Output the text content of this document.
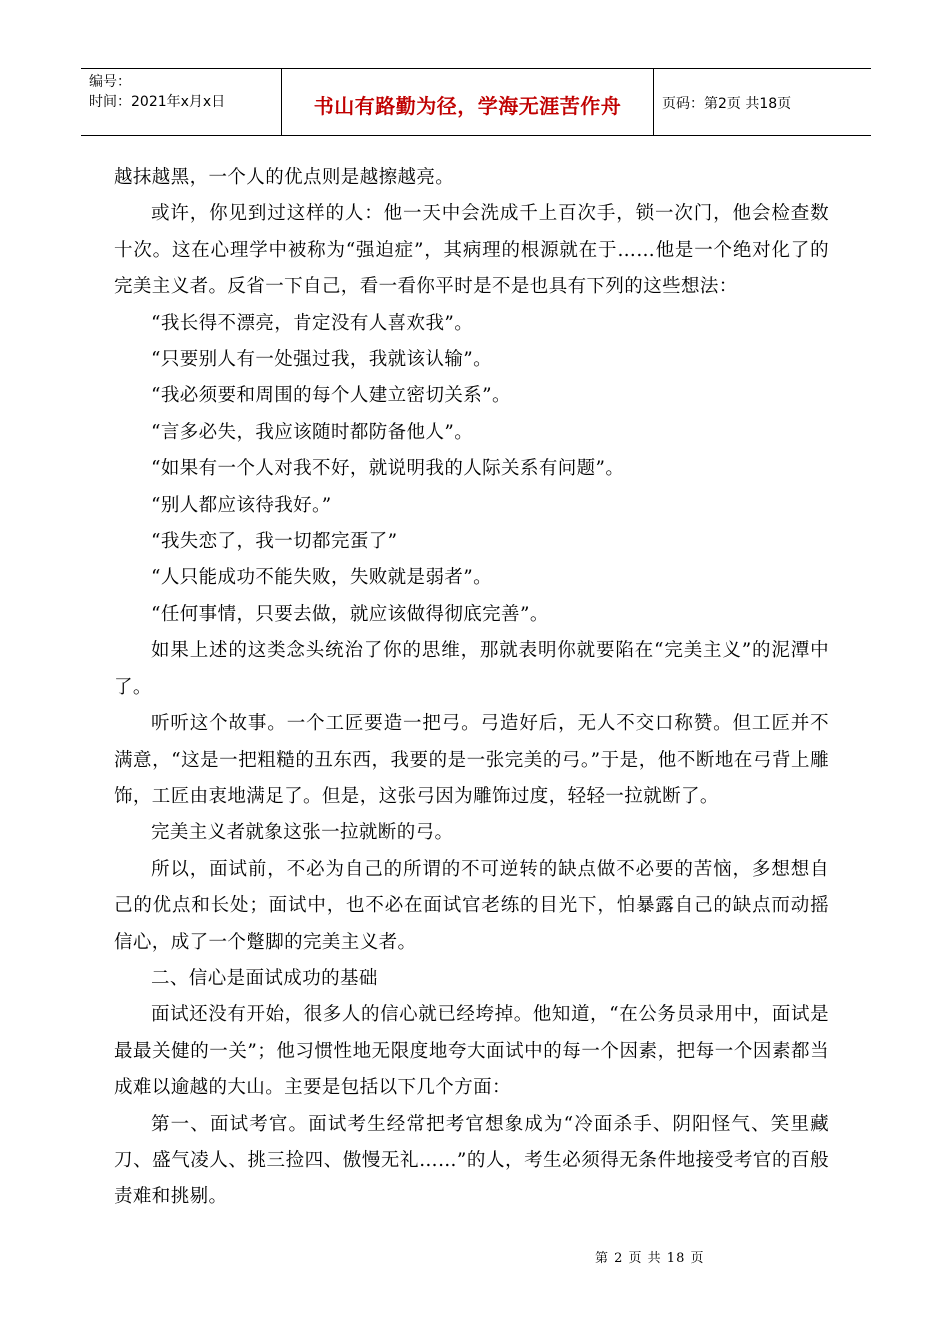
编号：
时间：2021年x月x日	书山有路勤为径，学海无涯苦作舟	页码：第2页 共18页

越抹越黑，一个人的优点则是越擦越亮。

或许，你见到过这样的人：他一天中会洗成千上百次手，锁一次门，他会检查数十次。这在心理学中被称为“强迫症”，其病理的根源就在于……他是一个绝对化了的完美主义者。反省一下自己，看一看你平时是不是也具有下列的这些想法：

“我长得不漂亮，肯定没有人喜欢我”。

“只要别人有一处强过我，我就该认输”。

“我必须要和周围的每个人建立密切关系”。

“言多必失，我应该随时都防备他人”。

“如果有一个人对我不好，就说明我的人际关系有问题”。

“别人都应该待我好。”

“我失恋了，我一切都完蛋了”

“人只能成功不能失败，失败就是弱者”。

“任何事情，只要去做，就应该做得彻底完善”。

如果上述的这类念头统治了你的思维，那就表明你就要陷在“完美主义”的泥潭中了。

听听这个故事。一个工匠要造一把弓。弓造好后，无人不交口称赞。但工匠并不满意，“这是一把粗糙的丑东西，我要的是一张完美的弓。”于是，他不断地在弓背上雕饰，工匠由衷地满足了。但是，这张弓因为雕饰过度，轻轻一拉就断了。

完美主义者就象这张一拉就断的弓。

所以，面试前，不必为自己的所谓的不可逆转的缺点做不必要的苦恼，多想想自己的优点和长处；面试中，也不必在面试官老练的目光下，怕暴露自己的缺点而动摇信心，成了一个蹩脚的完美主义者。

二、信心是面试成功的基础

面试还没有开始，很多人的信心就已经垮掉。他知道，“在公务员录用中，面试是最最关健的一关”；他习惯性地无限度地夸大面试中的每一个因素，把每一个因素都当成难以逾越的大山。主要是包括以下几个方面：

第一、面试考官。面试考生经常把考官想象成为“冷面杀手、阴阳怪气、笑里藏刀、盛气凌人、挑三捡四、傲慢无礼……”的人，考生必须得无条件地接受考官的百般责难和挑剔。

第 2 页 共 18 页
